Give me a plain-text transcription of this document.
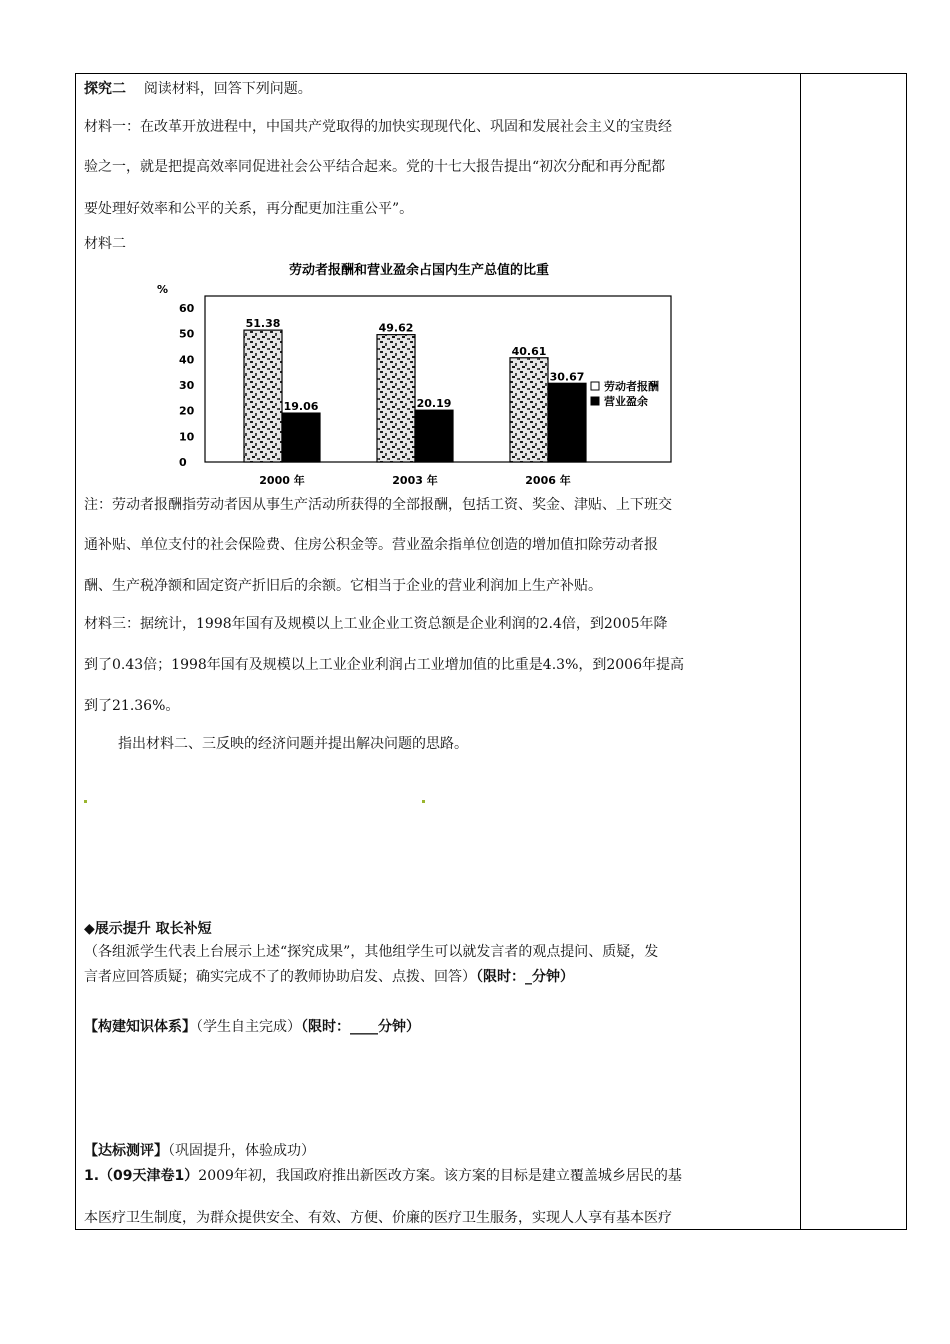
探究二 阅读材料，回答下列问题。
材料一：在改革开放进程中，中国共产党取得的加快实现现代化、巩固和发展社会主义的宝贵经
验之一，就是把提高效率同促进社会公平结合起来。党的十七大报告提出“初次分配和再分配都
要处理好效率和公平的关系，再分配更加注重公平”。
材料二
劳动者报酬和营业盈余占国内生产总值的比重
%
60
50
40
30
20
10
0
51.38
19.06
49.62
20.19
40.61
30.67
2000 年	2003 年	2006 年
劳动者报酬
营业盈余
注：劳动者报酬指劳动者因从事生产活动所获得的全部报酬，包括工资、奖金、津贴、上下班交
通补贴、单位支付的社会保险费、住房公积金等。营业盈余指单位创造的增加值扣除劳动者报
酬、生产税净额和固定资产折旧后的余额。它相当于企业的营业利润加上生产补贴。
材料三：据统计，1998年国有及规模以上工业企业工资总额是企业利润的2.4倍，到2005年降
到了0.43倍；1998年国有及规模以上工业企业利润占工业增加值的比重是4.3%，到2006年提高
到了21.36%。
指出材料二、三反映的经济问题并提出解决问题的思路。
◆展示提升 取长补短
（各组派学生代表上台展示上述“探究成果”，其他组学生可以就发言者的观点提问、质疑，发
言者应回答质疑；确实完成不了的教师协助启发、点拨、回答）（限时：_分钟）
【构建知识体系】（学生自主完成）（限时：____分钟）
【达标测评】（巩固提升，体验成功）
1.（09天津卷1）2009年初，我国政府推出新医改方案。该方案的目标是建立覆盖城乡居民的基
本医疗卫生制度，为群众提供安全、有效、方便、价廉的医疗卫生服务，实现人人享有基本医疗
